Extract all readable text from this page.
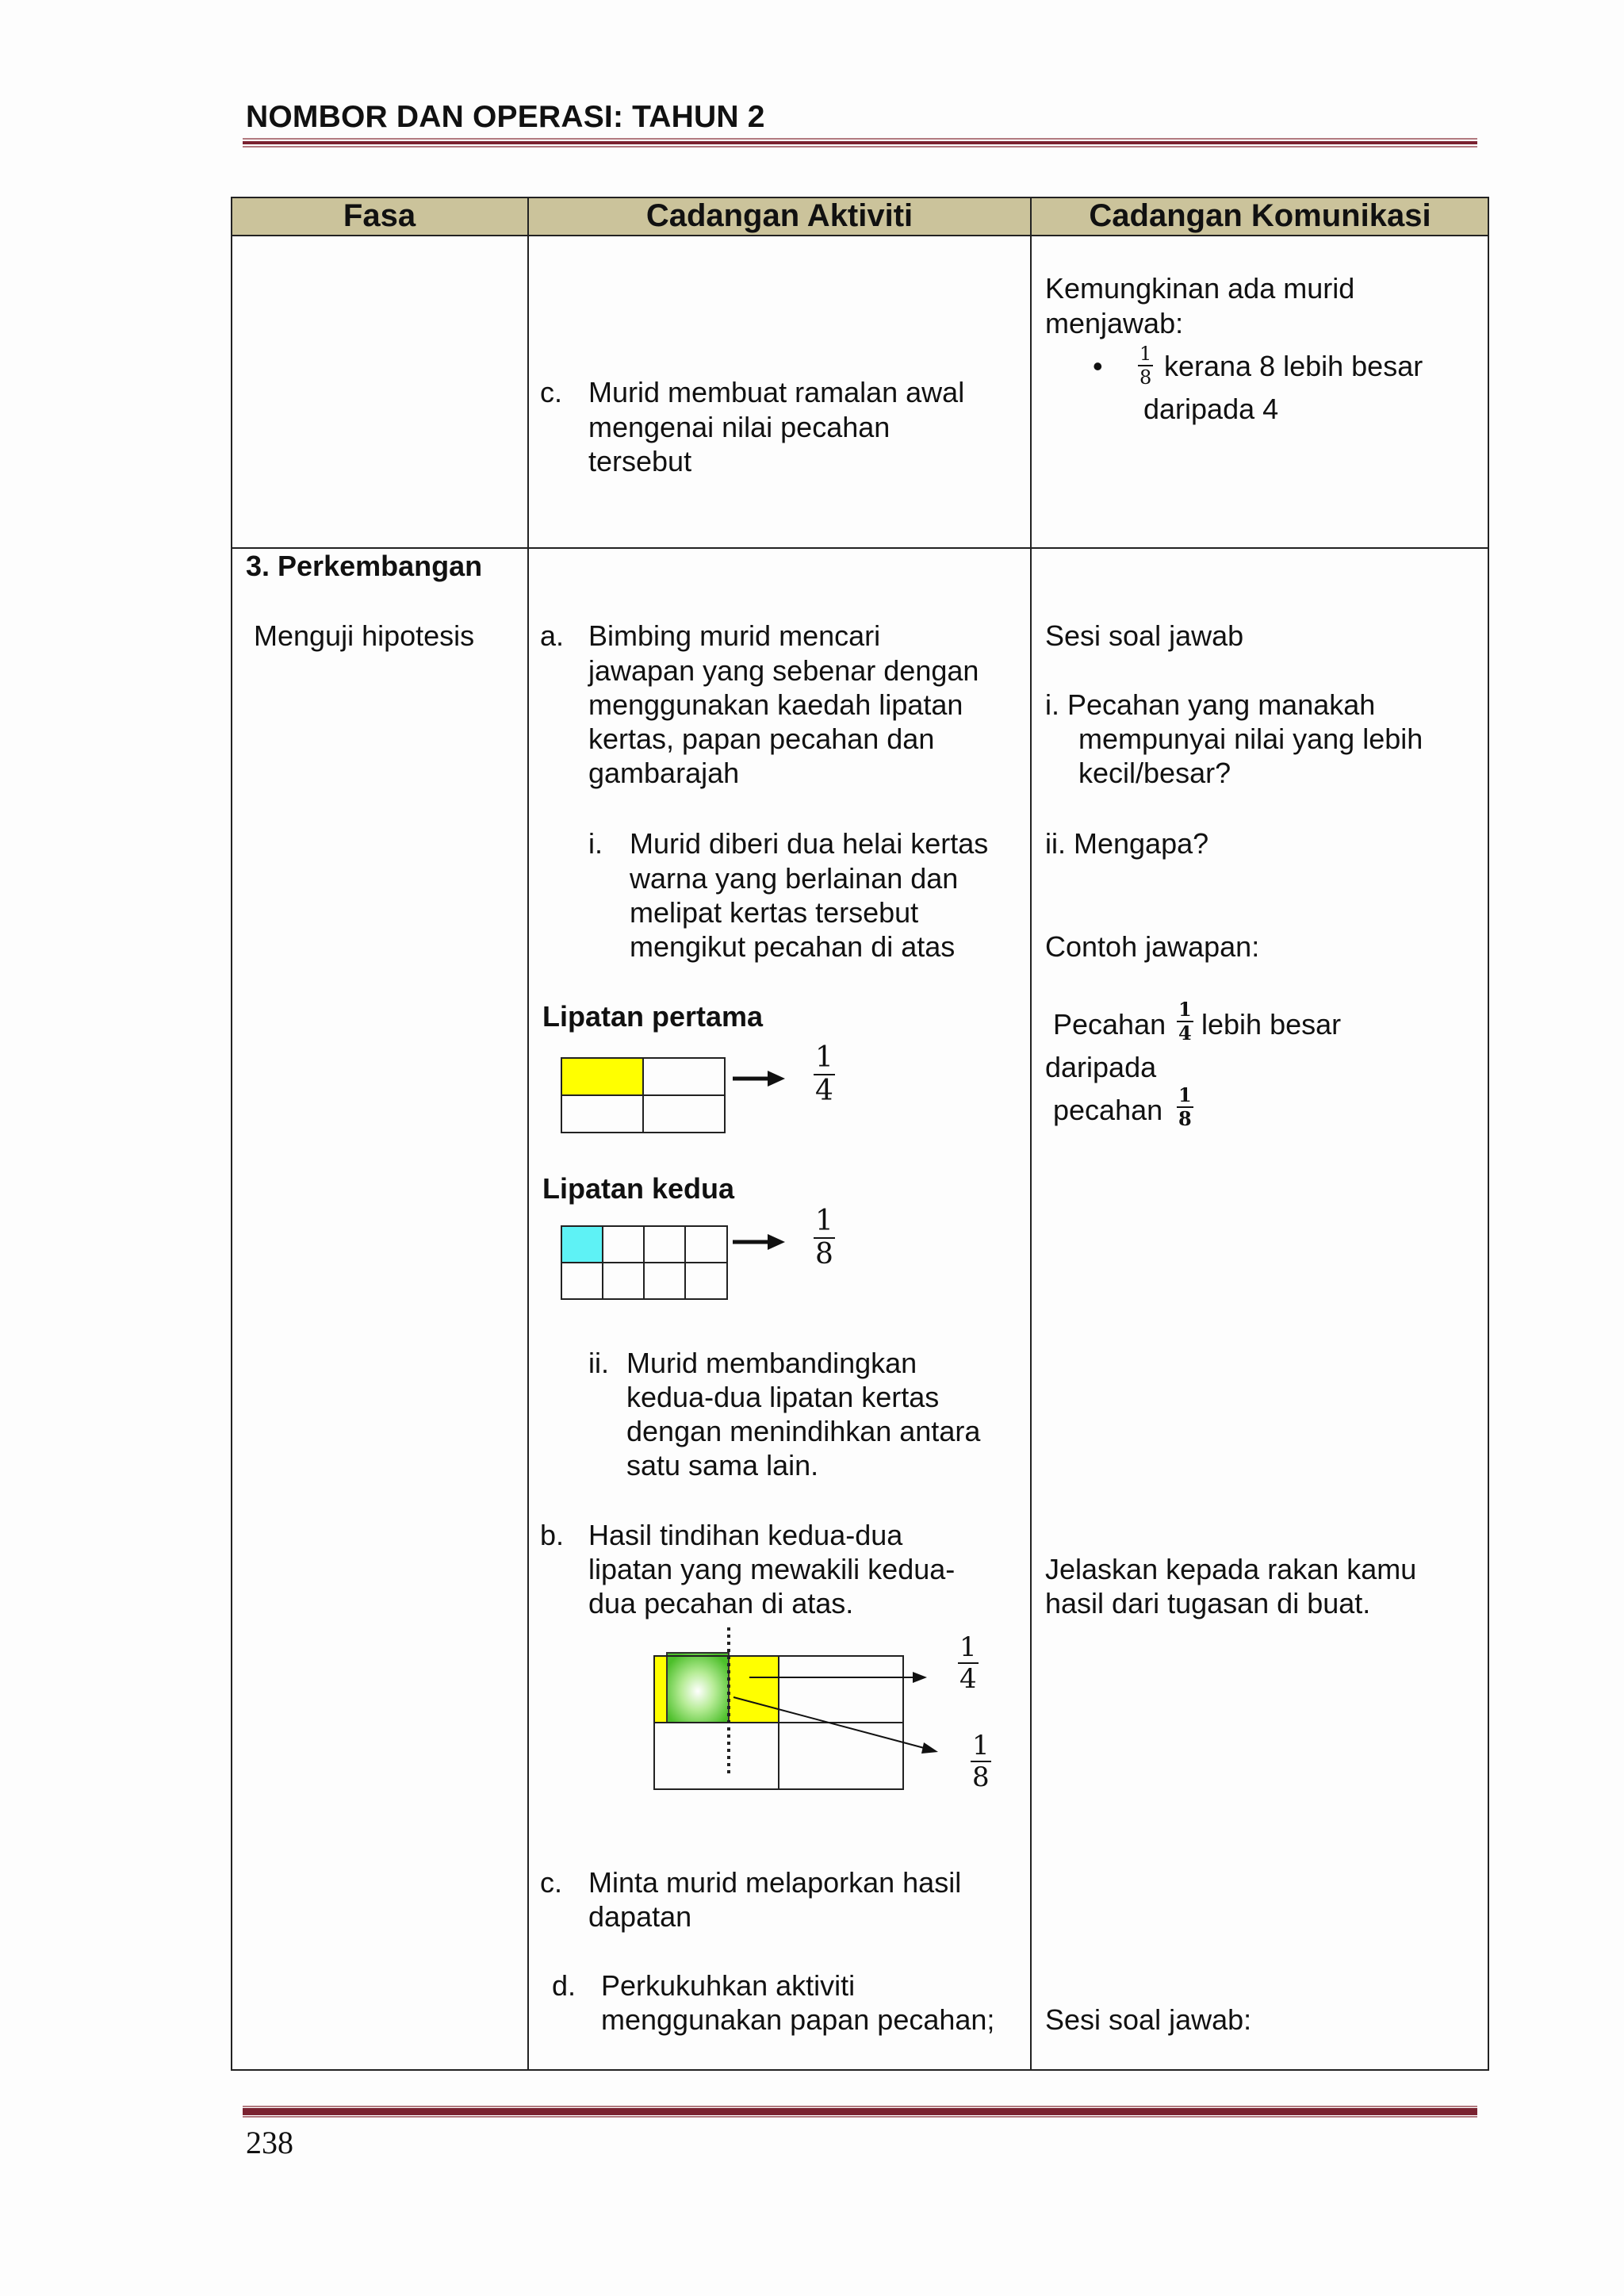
NOMBOR DAN OPERASI: TAHUN 2
Fasa	Cadangan Aktiviti	Cadangan Komunikasi
c. Murid membuat ramalan awal
mengenai nilai pecahan
tersebut
Kemungkinan ada murid
menjawab:
• $\frac{1}{8}$ kerana 8 lebih besar
daripada 4
3. Perkembangan
Menguji hipotesis a. Bimbing murid mencari
jawapan yang sebenar dengan
menggunakan kaedah lipatan
kertas, papan pecahan dan
gambarajah
i. Murid diberi dua helai kertas
warna yang berlainan dan
melipat kertas tersebut
mengikut pecahan di atas
Lipatan pertama
$\frac{1}{4}$
Lipatan kedua
$\frac{1}{8}$
ii. Murid membandingkan
kedua-dua lipatan kertas
dengan menindihkan antara
satu sama lain.
b. Hasil tindihan kedua-dua
lipatan yang mewakili kedua-
dua pecahan di atas.
$\frac{1}{4}$
$\frac{1}{8}$
c. Minta murid melaporkan hasil
dapatan
d. Perkukuhkan aktiviti
menggunakan papan pecahan;
Sesi soal jawab
i. Pecahan yang manakah
mempunyai nilai yang lebih
kecil/besar?
ii. Mengapa?
Contoh jawapan:
Pecahan $\frac{1}{4}$ lebih besar
daripada
pecahan $\frac{1}{8}$
Jelaskan kepada rakan kamu
hasil dari tugasan di buat.
Sesi soal jawab:
238
